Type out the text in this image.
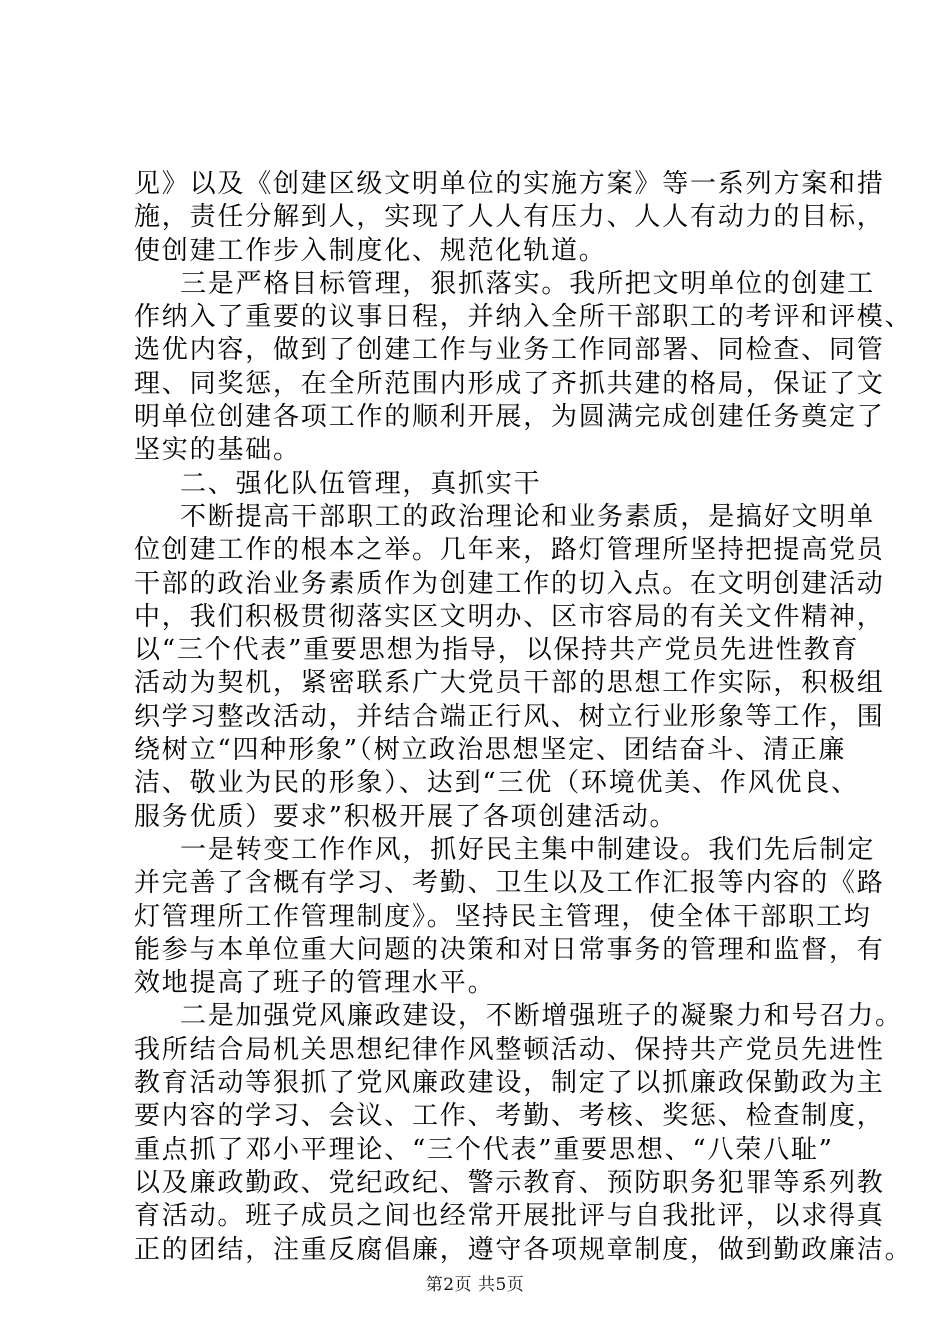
见》以及《创建区级文明单位的实施方案》等一系列方案和措
施，责任分解到人，实现了人人有压力、人人有动力的目标，
使创建工作步入制度化、规范化轨道。
三是严格目标管理，狠抓落实。我所把文明单位的创建工
作纳入了重要的议事日程，并纳入全所干部职工的考评和评模、
选优内容，做到了创建工作与业务工作同部署、同检查、同管
理、同奖惩，在全所范围内形成了齐抓共建的格局，保证了文
明单位创建各项工作的顺利开展，为圆满完成创建任务奠定了
坚实的基础。
二、强化队伍管理，真抓实干
不断提高干部职工的政治理论和业务素质，是搞好文明单
位创建工作的根本之举。几年来，路灯管理所坚持把提高党员
干部的政治业务素质作为创建工作的切入点。在文明创建活动
中，我们积极贯彻落实区文明办、区市容局的有关文件精神，
以“三个代表”重要思想为指导，以保持共产党员先进性教育
活动为契机，紧密联系广大党员干部的思想工作实际，积极组
织学习整改活动，并结合端正行风、树立行业形象等工作，围
绕树立“四种形象”（树立政治思想坚定、团结奋斗、清正廉
洁、敬业为民的形象）、达到“三优（环境优美、作风优良、
服务优质）要求”积极开展了各项创建活动。
一是转变工作作风，抓好民主集中制建设。我们先后制定
并完善了含概有学习、考勤、卫生以及工作汇报等内容的《路
灯管理所工作管理制度》。坚持民主管理，使全体干部职工均
能参与本单位重大问题的决策和对日常事务的管理和监督，有
效地提高了班子的管理水平。
二是加强党风廉政建设，不断增强班子的凝聚力和号召力。
我所结合局机关思想纪律作风整顿活动、保持共产党员先进性
教育活动等狠抓了党风廉政建设，制定了以抓廉政保勤政为主
要内容的学习、会议、工作、考勤、考核、奖惩、检查制度，
重点抓了邓小平理论、“三个代表”重要思想、“八荣八耻”
以及廉政勤政、党纪政纪、警示教育、预防职务犯罪等系列教
育活动。班子成员之间也经常开展批评与自我批评，以求得真
正的团结，注重反腐倡廉，遵守各项规章制度，做到勤政廉洁。
第2页 共5页
